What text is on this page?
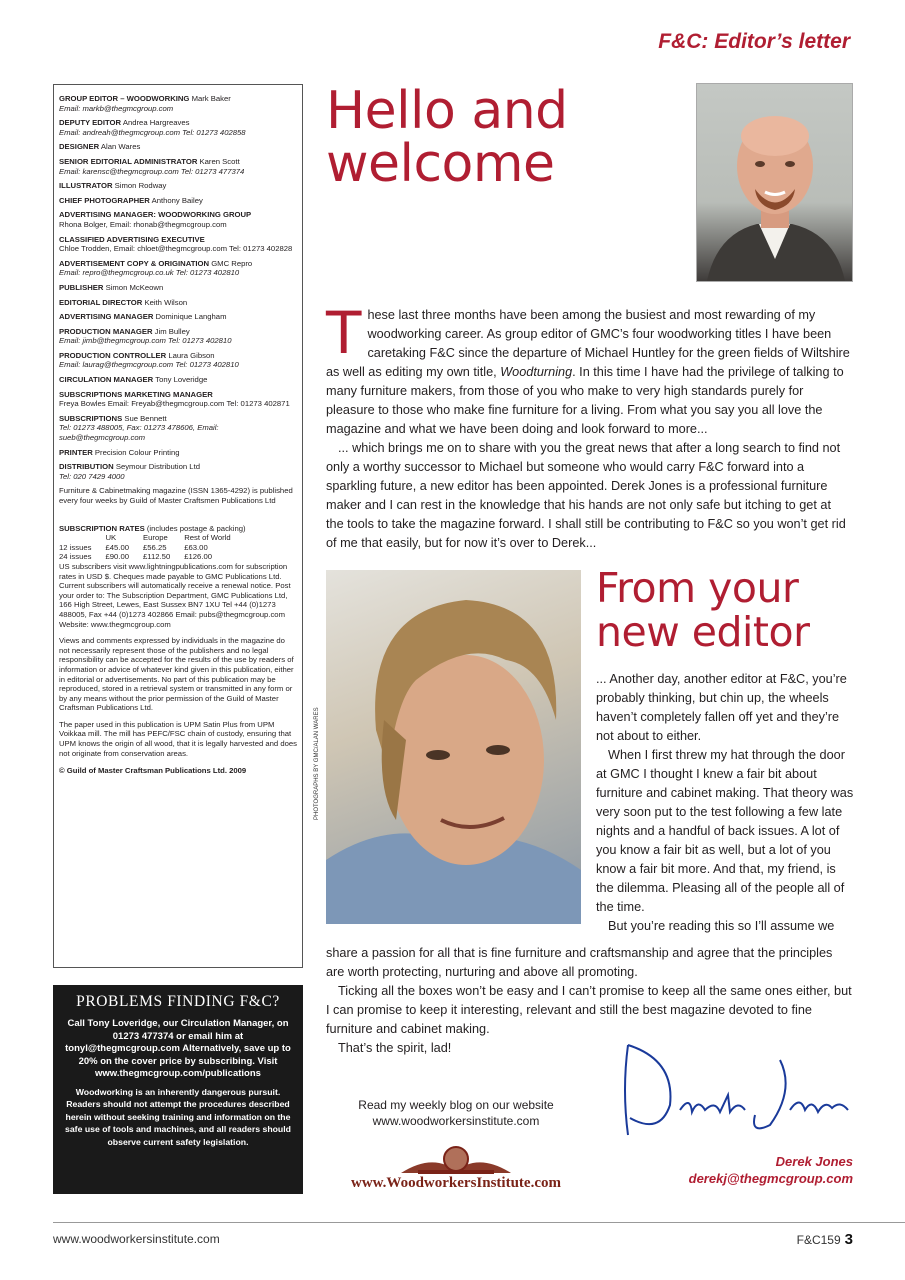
F&C: Editor’s letter
GROUP EDITOR – WOODWORKING Mark Baker
Email: markb@thegmcgroup.com
DEPUTY EDITOR Andrea Hargreaves
Email: andreah@thegmcgroup.com Tel: 01273 402858
DESIGNER Alan Wares
SENIOR EDITORIAL ADMINISTRATOR Karen Scott
Email: karensc@thegmcgroup.com Tel: 01273 477374
ILLUSTRATOR Simon Rodway
CHIEF PHOTOGRAPHER Anthony Bailey
ADVERTISING MANAGER: WOODWORKING GROUP
Rhona Bolger, Email: rhonab@thegmcgroup.com
CLASSIFIED ADVERTISING EXECUTIVE
Chloe Trodden, Email: chloet@thegmcgroup.com Tel: 01273 402828
ADVERTISEMENT COPY & ORIGINATION GMC Repro
Email: repro@thegmcgroup.co.uk Tel: 01273 402810
PUBLISHER Simon McKeown
EDITORIAL DIRECTOR Keith Wilson
ADVERTISING MANAGER Dominique Langham
PRODUCTION MANAGER Jim Bulley
Email: jimb@thegmcgroup.com Tel: 01273 402810
PRODUCTION CONTROLLER Laura Gibson
Email: laurag@thegmcgroup.com Tel: 01273 402810
CIRCULATION MANAGER Tony Loveridge
SUBSCRIPTIONS MARKETING MANAGER
Freya Bowles Email: Freyab@thegmcgroup.com Tel: 01273 402871
SUBSCRIPTIONS Sue Bennett
Tel: 01273 488005, Fax: 01273 478606, Email: sueb@thegmcgroup.com
PRINTER Precision Colour Printing
DISTRIBUTION Seymour Distribution Ltd
Tel: 020 7429 4000
Furniture & Cabinetmaking magazine (ISSN 1365-4292) is published every four weeks by Guild of Master Craftsmen Publications Ltd
SUBSCRIPTION RATES (includes postage & packing)
	UK	Europe	Rest of World
12 issues	£45.00	£56.25	£63.00
24 issues	£90.00	£112.50	£126.00
US subscribers visit www.lightningpublications.com for subscription rates in USD $. Cheques made payable to GMC Publications Ltd. Current subscribers will automatically receive a renewal notice. Post your order to: The Subscription Department, GMC Publications Ltd, 166 High Street, Lewes, East Sussex BN7 1XU Tel +44 (0)1273 488005, Fax +44 (0)1273 402866 Email: pubs@thegmcgroup.com Website: www.thegmcgroup.com
Views and comments expressed by individuals in the magazine do not necessarily represent those of the publishers and no legal responsibility can be accepted for the results of the use by readers of information or advice of whatever kind given in this publication, either in editorial or advertisements. No part of this publication may be reproduced, stored in a retrieval system or transmitted in any form or by any means without the prior permission of the Guild of Master Craftsman Publications Ltd.
The paper used in this publication is UPM Satin Plus from UPM Voikkaa mill. The mill has PEFC/FSC chain of custody, ensuring that UPM knows the origin of all wood, that it is legally harvested and does not originate from conservation areas.
© Guild of Master Craftsman Publications Ltd. 2009
PROBLEMS FINDING F&C?
Call Tony Loveridge, our Circulation Manager, on 01273 477374 or email him at tonyl@thegmcgroup.com Alternatively, save up to 20% on the cover price by subscribing. Visit www.thegmcgroup.com/publications
Woodworking is an inherently dangerous pursuit. Readers should not attempt the procedures described herein without seeking training and information on the safe use of tools and machines, and all readers should observe current safety legislation.
Hello and welcome

These last three months have been among the busiest and most rewarding of my woodworking career. As group editor of GMC’s four woodworking titles I have been caretaking F&C since the departure of Michael Huntley for the green fields of Wiltshire as well as editing my own title, Woodturning. In this time I have had the privilege of talking to many furniture makers, from those of you who make to very high standards purely for pleasure to those who make fine furniture for a living. From what you say you all love the magazine and what we have been doing and look forward to more...

... which brings me on to share with you the great news that after a long search to find not only a worthy successor to Michael but someone who would carry F&C forward into a sparkling future, a new editor has been appointed. Derek Jones is a professional furniture maker and I can rest in the knowledge that his hands are not only safe but itching to get at the tools to take the magazine forward. I shall still be contributing to F&C so you won’t get rid of me that easily, but for now it’s over to Derek...

PHOTOGRAPHS BY GMC/ALAN WARES
From your new editor

... Another day, another editor at F&C, you’re probably thinking, but chin up, the wheels haven’t completely fallen off yet and they’re not about to either.

When I first threw my hat through the door at GMC I thought I knew a fair bit about furniture and cabinet making. That theory was very soon put to the test following a few late nights and a handful of back issues. A lot of you know a fair bit as well, but a lot of you know a fair bit more. And that, my friend, is the dilemma. Pleasing all of the people all of the time.

But you’re reading this so I’ll assume we

share a passion for all that is fine furniture and craftsmanship and agree that the principles are worth protecting, nurturing and above all promoting.

Ticking all the boxes won’t be easy and I can’t promise to keep all the same ones either, but I can promise to keep it interesting, relevant and still the best magazine devoted to fine furniture and cabinet making.

That’s the spirit, lad!

Read my weekly blog on our website
www.woodworkersinstitute.com
www.WoodworkersInstitute.com
Derek Jones
derekj@thegmcgroup.com
www.woodworkersinstitute.com	F&C159 3
